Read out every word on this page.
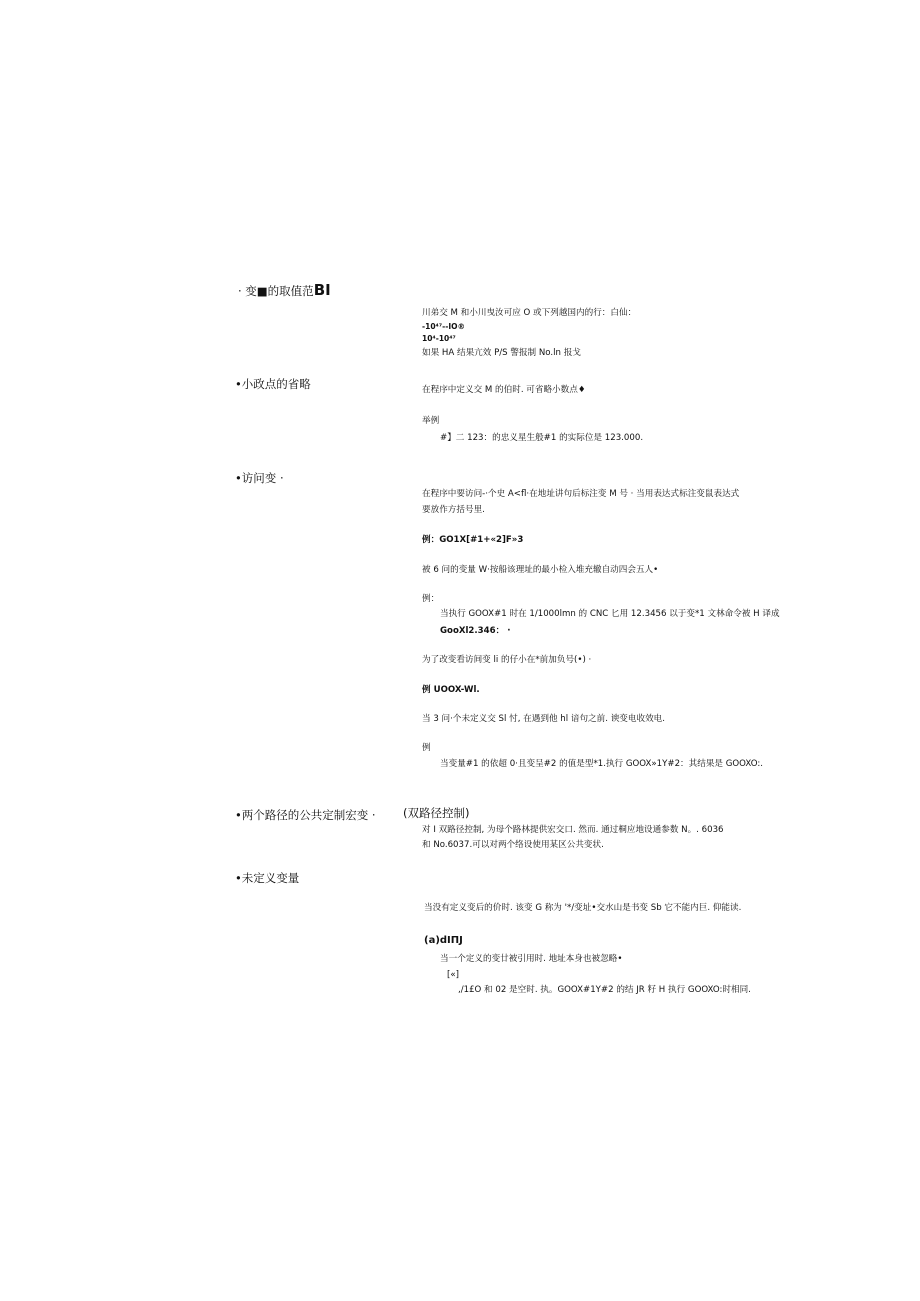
· 变■的取值范BI
川弟交 M 和小川曳汝可应 O 或下列越国内的行：白仙：
-10⁴⁷--IO®
10⁴-10⁴⁷
如果 HA 结果亢效 P/S 警报制 No.ln 报戈
•小政点的省略	在程序中定义交 M 的伯时. 可省略小数点♦
举例
#】二 123：的忠义星生般#1 的实际位是 123.000.
•访问变 ·
在程序中要访问-·个史 A<fl·在地址讲句后标注变 M 号 · 当用表达式标注变鼠表达式
要放作方括号里.
例：GO1X[#1+«2]F»3
被 6 问的变量 W·按船该理址的最小检入堆充辙自动四会五人•
例：
当执行 GOOX#1 时在 1/1000lmn 的 CNC 匕用 12.3456 以于变*1 文林命令被 H 译成
GooXl2.346： ·
为了改变看访间变 li 的仔小在*前加负号(•) ·
例 UOOX-Wl.
当 3 问·个未定义交 Sl 忖, 在遇到他 hl 谙句之前. 谀变电收效电.
例
当变量#1 的依超 0·且变呈#2 的值是型*1.执行 GOOX»1Y#2：其结果是 GOOXO:.
•两个路径的公共定制宏变 · (双路径控制)
对 I 双路径控制, 为母个路林提供宏交口. 然而. 通过桐应地设通参数 N。. 6036
和 No.6037.可以对两个络设使用某区公共变状.
•未定义变量
当没有定义变后的价时. 该变 G 称为 '*/变址•交水山是书变 Sb 它不能内巨. 仰能读.
(a)dIΠJ
当一个定义的变廿被引用时. 地址本身也被忽略•
[«]
,/1£O 和 02 是空时. 执。GOOX#1Y#2 的结 JR 籽 H 执行 GOOXO:时相同.
